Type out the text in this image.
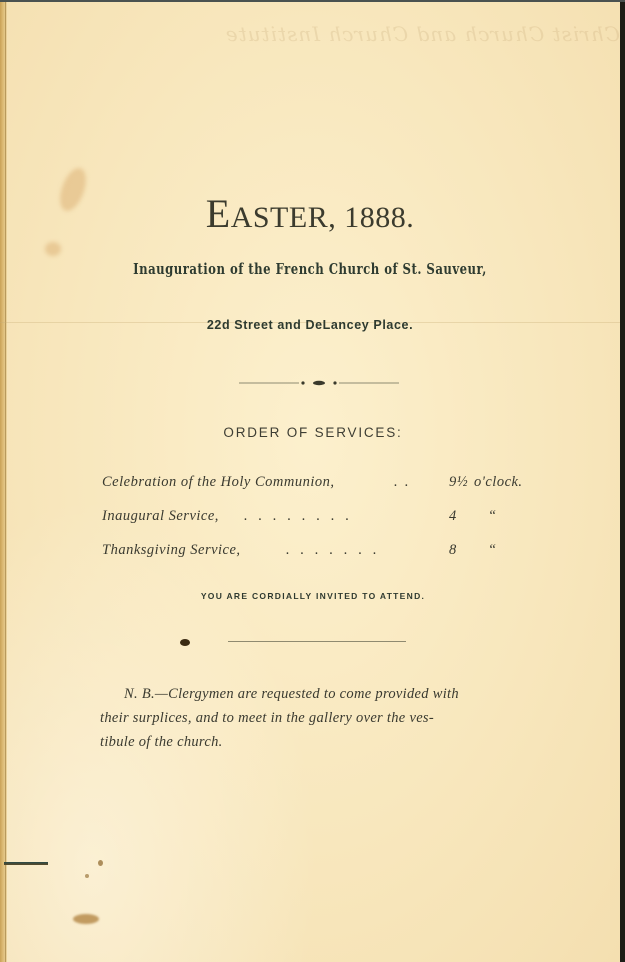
Christ Church and Church Institute
EASTER, 1888.
Inauguration of the French Church of St. Sauveur,
22d Street and DeLancey Place.
ORDER OF SERVICES:
Celebration of the Holy Communion,	.  .	9½ o'clock.
Inaugural Service, .   .   .   .   .   .   .   .	4 “
Thanksgiving Service,	.   .   .   .   .   .   .	8 “
YOU ARE CORDIALLY INVITED TO ATTEND.
N. B.—Clergymen are requested to come provided with
their surplices, and to meet in the gallery over the ves-
tibule of the church.
